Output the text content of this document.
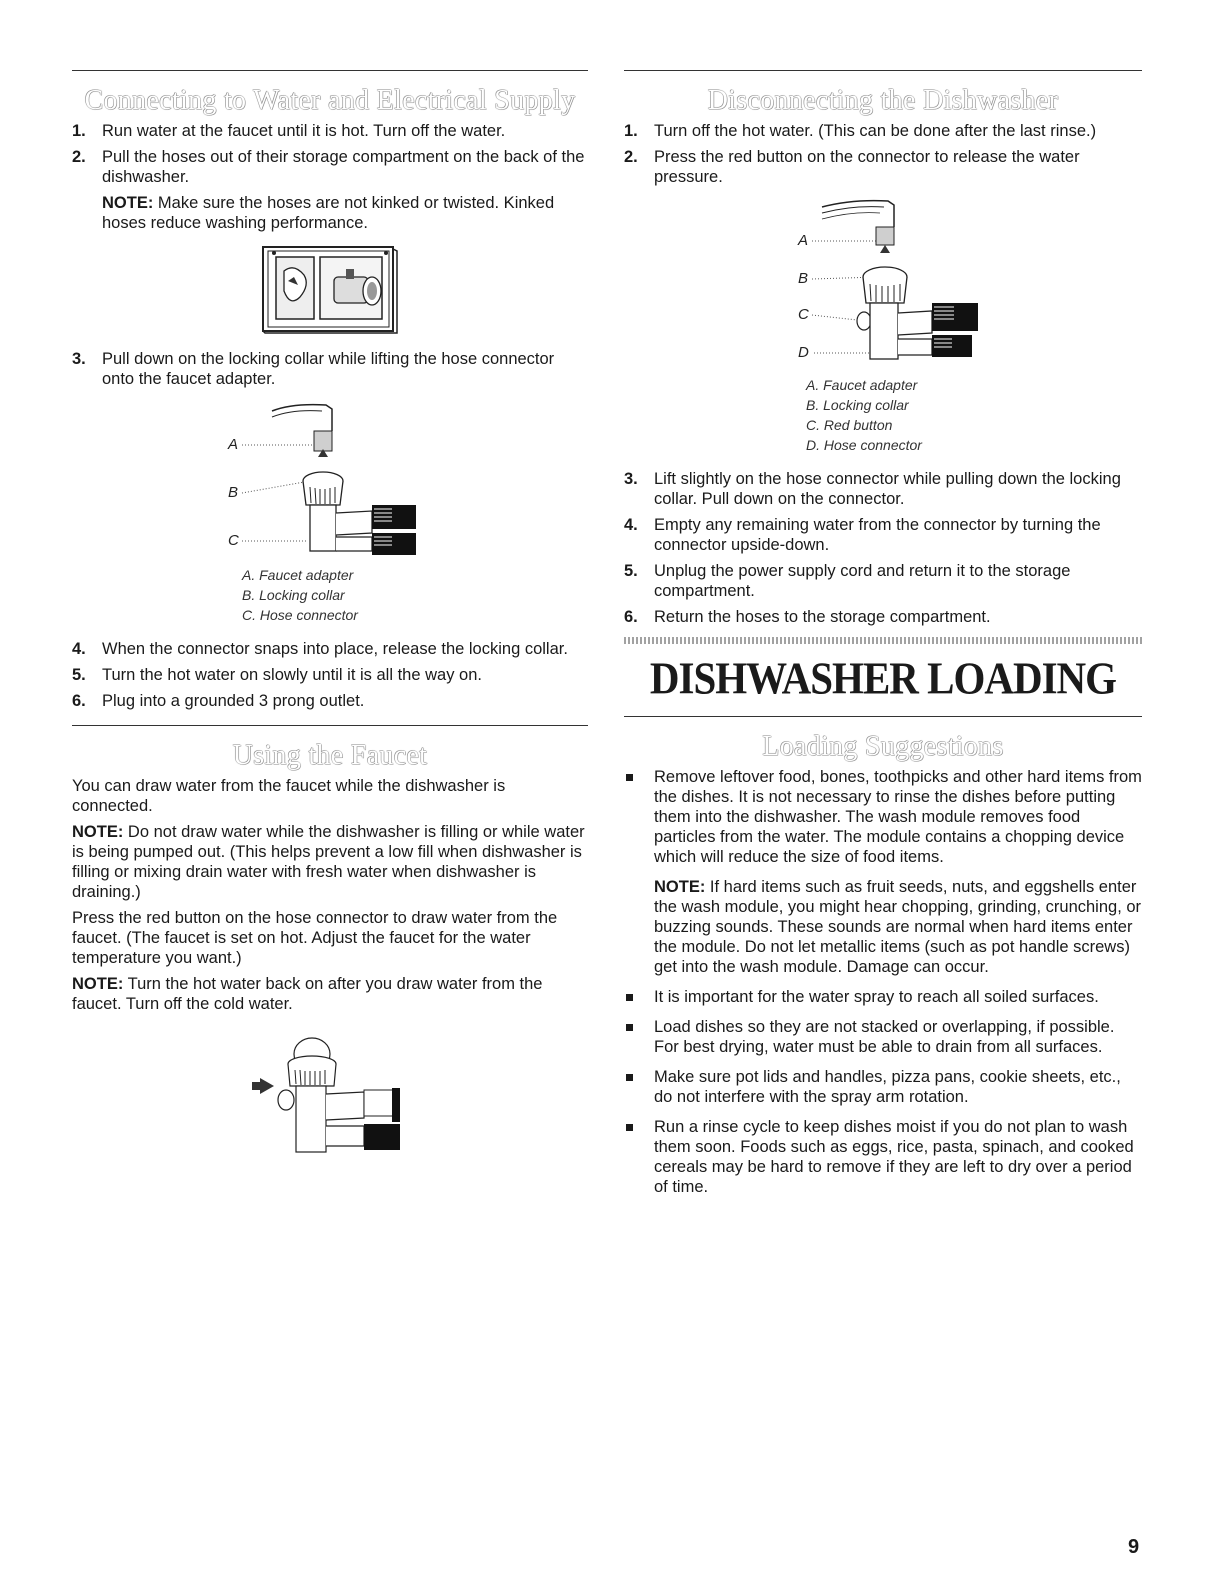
Connecting to Water and Electrical Supply
1. Run water at the faucet until it is hot. Turn off the water.
2. Pull the hoses out of their storage compartment on the back of the dishwasher.
NOTE: Make sure the hoses are not kinked or twisted. Kinked hoses reduce washing performance.
3. Pull down on the locking collar while lifting the hose connector onto the faucet adapter.
A
B
C
A. Faucet adapter
B. Locking collar
C. Hose connector
4. When the connector snaps into place, release the locking collar.
5. Turn the hot water on slowly until it is all the way on.
6. Plug into a grounded 3 prong outlet.
Using the Faucet

You can draw water from the faucet while the dishwasher is connected.

NOTE: Do not draw water while the dishwasher is filling or while water is being pumped out. (This helps prevent a low fill when dishwasher is filling or mixing drain water with fresh water when dishwasher is draining.)

Press the red button on the hose connector to draw water from the faucet. (The faucet is set on hot. Adjust the faucet for the water temperature you want.)

NOTE: Turn the hot water back on after you draw water from the faucet. Turn off the cold water.
Disconnecting the Dishwasher
1. Turn off the hot water. (This can be done after the last rinse.)
2. Press the red button on the connector to release the water pressure.
A
B
C
D
A. Faucet adapter
B. Locking collar
C. Red button
D. Hose connector
3. Lift slightly on the hose connector while pulling down the locking collar. Pull down on the connector.
4. Empty any remaining water from the connector by turning the connector upside-down.
5. Unplug the power supply cord and return it to the storage compartment.
6. Return the hoses to the storage compartment.
DISHWASHER LOADING
Loading Suggestions
Remove leftover food, bones, toothpicks and other hard items from the dishes. It is not necessary to rinse the dishes before putting them into the dishwasher. The wash module removes food particles from the water. The module contains a chopping device which will reduce the size of food items.
NOTE: If hard items such as fruit seeds, nuts, and eggshells enter the wash module, you might hear chopping, grinding, crunching, or buzzing sounds. These sounds are normal when hard items enter the module. Do not let metallic items (such as pot handle screws) get into the wash module. Damage can occur.
It is important for the water spray to reach all soiled surfaces.
Load dishes so they are not stacked or overlapping, if possible. For best drying, water must be able to drain from all surfaces.
Make sure pot lids and handles, pizza pans, cookie sheets, etc., do not interfere with the spray arm rotation.
Run a rinse cycle to keep dishes moist if you do not plan to wash them soon. Foods such as eggs, rice, pasta, spinach, and cooked cereals may be hard to remove if they are left to dry over a period of time.
9
